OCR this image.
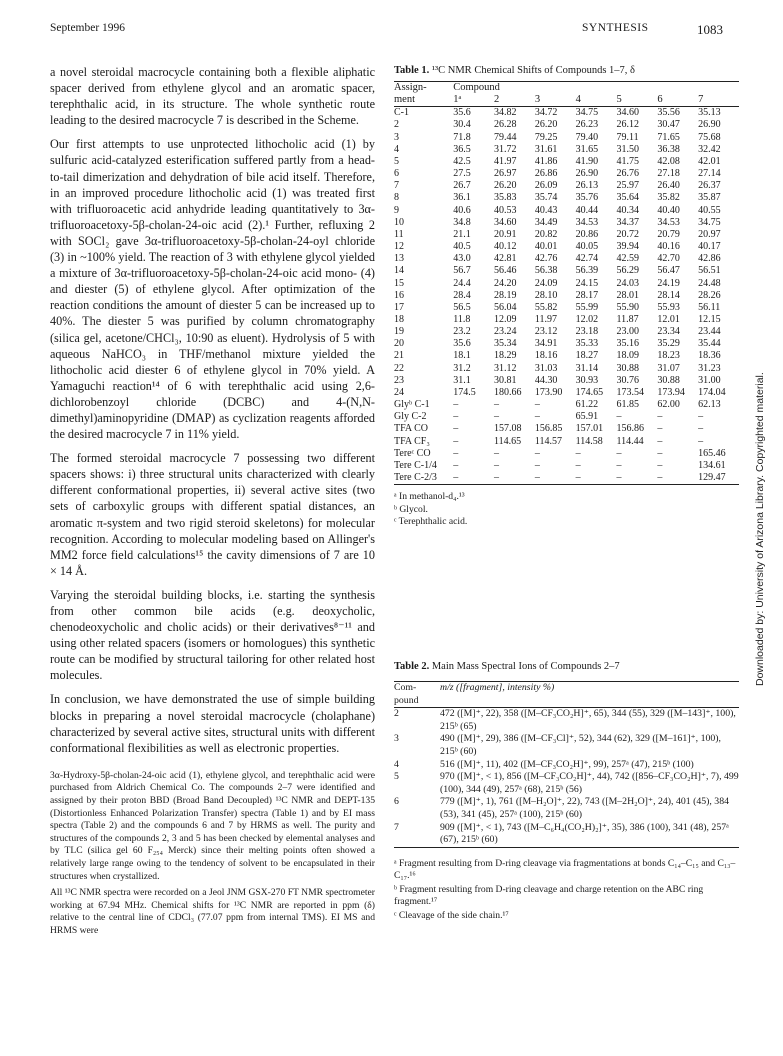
September 1996	SYNTHESIS	1083

a novel steroidal macrocycle containing both a flexible aliphatic spacer derived from ethylene glycol and an aromatic spacer, terephthalic acid, in its structure. The whole synthetic route leading to the desired macrocycle 7 is described in the Scheme.

Our first attempts to use unprotected lithocholic acid (1) by sulfuric acid-catalyzed esterification suffered partly from a head-to-tail dimerization and dehydration of bile acid itself. Therefore, in an improved procedure lithocholic acid (1) was treated first with trifluoroacetic acid anhydride leading quantitatively to 3α-trifluoroacetoxy-5β-cholan-24-oic acid (2).¹ Further, refluxing 2 with SOCl₂ gave 3α-trifluoroacetoxy-5β-cholan-24-oyl chloride (3) in ~100% yield. The reaction of 3 with ethylene glycol yielded a mixture of 3α-trifluoroacetoxy-5β-cholan-24-oic acid mono- (4) and diester (5) of ethylene glycol. After optimization of the reaction conditions the amount of diester 5 can be increased up to 40%. The diester 5 was purified by column chromatography (silica gel, acetone/CHCl₃, 10:90 as eluent). Hydrolysis of 5 with aqueous NaHCO₃ in THF/methanol mixture yielded the lithocholic acid diester 6 of ethylene glycol in 70% yield. A Yamaguchi reaction¹⁴ of 6 with terephthalic acid using 2,6-dichlorobenzoyl chloride (DCBC) and 4-(N,N-dimethyl)aminopyridine (DMAP) as cyclization reagents afforded the desired macrocycle 7 in 11% yield.

The formed steroidal macrocycle 7 possessing two different spacers shows: i) three structural units characterized with clearly different conformational properties, ii) several active sites (two sets of carboxylic groups with different spatial distances, an aromatic π-system and two rigid steroid skeletons) for molecular recognition. According to molecular modeling based on Allinger's MM2 force field calculations¹⁵ the cavity dimensions of 7 are 10 × 14 Å.

Varying the steroidal building blocks, i.e. starting the synthesis from other common bile acids (e.g. deoxycholic, chenodeoxycholic and cholic acids) or their derivatives⁸⁻¹¹ and using other related spacers (isomers or homologues) this synthetic route can be modified by structural tailoring for other related host molecules.

In conclusion, we have demonstrated the use of simple building blocks in preparing a novel steroidal macrocycle (cholaphane) characterized by several active sites, structural units with different conformational flexibilities as well as electronic properties.

3α-Hydroxy-5β-cholan-24-oic acid (1), ethylene glycol, and terephthalic acid were purchased from Aldrich Chemical Co. The compounds 2–7 were identified and assigned by their proton BBD (Broad Band Decoupled) ¹³C NMR and DEPT-135 (Distortionless Enhanced Polarization Transfer) spectra (Table 1) and by EI mass spectra (Table 2) and the compounds 6 and 7 by HRMS as well. The purity and structures of the compounds 2, 3 and 5 has been checked by elemental analyses and by TLC (silica gel 60 F₂₅₄ Merck) since their melting points often showed a relatively large range owing to the tendency of solvent to be encapsulated in their structures when crystallized.

All ¹³C NMR spectra were recorded on a Jeol JNM GSX-270 FT NMR spectrometer working at 67.94 MHz. Chemical shifts for ¹³C NMR are reported in ppm (δ) relative to the central line of CDCl₃ (77.07 ppm from internal TMS). EI MS and HRMS were

Table 1. ¹³C NMR Chemical Shifts of Compounds 1–7, δ
Assign-	Compound						
ment	1ᵃ	2	3	4	5	6	7
C-1	35.6	34.82	34.72	34.75	34.60	35.56	35.13
2	30.4	26.28	26.20	26.23	26.12	30.47	26.90
3	71.8	79.44	79.25	79.40	79.11	71.65	75.68
4	36.5	31.72	31.61	31.65	31.50	36.38	32.42
5	42.5	41.97	41.86	41.90	41.75	42.08	42.01
6	27.5	26.97	26.86	26.90	26.76	27.18	27.14
7	26.7	26.20	26.09	26.13	25.97	26.40	26.37
8	36.1	35.83	35.74	35.76	35.64	35.82	35.87
9	40.6	40.53	40.43	40.44	40.34	40.40	40.55
10	34.8	34.60	34.49	34.53	34.37	34.53	34.75
11	21.1	20.91	20.82	20.86	20.72	20.79	20.97
12	40.5	40.12	40.01	40.05	39.94	40.16	40.17
13	43.0	42.81	42.76	42.74	42.59	42.70	42.86
14	56.7	56.46	56.38	56.39	56.29	56.47	56.51
15	24.4	24.20	24.09	24.15	24.03	24.19	24.48
16	28.4	28.19	28.10	28.17	28.01	28.14	28.26
17	56.5	56.04	55.82	55.99	55.90	55.93	56.11
18	11.8	12.09	11.97	12.02	11.87	12.01	12.15
19	23.2	23.24	23.12	23.18	23.00	23.34	23.44
20	35.6	35.34	34.91	35.33	35.16	35.29	35.44
21	18.1	18.29	18.16	18.27	18.09	18.23	18.36
22	31.2	31.12	31.03	31.14	30.88	31.07	31.23
23	31.1	30.81	44.30	30.93	30.76	30.88	31.00
24	174.5	180.66	173.90	174.65	173.54	173.94	174.04
Glyᵇ C-1	–	–	–	61.22	61.85	62.00	62.13
Gly C-2	–	–	–	65.91	–	–	–
TFA CO	–	157.08	156.85	157.01	156.86	–	–
TFA CF₃	–	114.65	114.57	114.58	114.44	–	–
Tereᶜ CO	–	–	–	–	–	–	165.46
Tere C-1/4	–	–	–	–	–	–	134.61
Tere C-2/3	–	–	–	–	–	–	129.47

ᵃ In methanol-d₄.¹³
ᵇ Glycol.
ᶜ Terephthalic acid.
Table 2. Main Mass Spectral Ions of Compounds 2–7
Com-	m/z ([fragment], intensity %)
pound	
2	472 ([M]⁺, 22), 358 ([M–CF₃CO₂H]⁺, 65), 344 (55), 329 ([M–143]⁺, 100), 215ᵇ (65)
3	490 ([M]⁺, 29), 386 ([M–CF₃Cl]⁺, 52), 344 (62), 329 ([M–161]⁺, 100), 215ᵇ (60)
4	516 ([M]⁺, 11), 402 ([M–CF₃CO₂H]⁺, 99), 257ᵃ (47), 215ᵇ (100)
5	970 ([M]⁺, < 1), 856 ([M–CF₃CO₂H]⁺, 44), 742 ([856–CF₃CO₂H]⁺, 7), 499 (100), 344 (49), 257ᵃ (68), 215ᵇ (56)
6	779 ([M]⁺, 1), 761 ([M–H₂O]⁺, 22), 743 ([M–2H₂O]⁺, 24), 401 (45), 384 (53), 341 (45), 257ᵃ (100), 215ᵇ (60)
7	909 ([M]⁺, < 1), 743 ([M–C₆H₄(CO₂H)₂]⁺, 35), 386 (100), 341 (48), 257ᵃ (67), 215ᵇ (60)

ᵃ Fragment resulting from D-ring cleavage via fragmentations at bonds C₁₄–C₁₅ and C₁₃–C₁₇.¹⁶
ᵇ Fragment resulting from D-ring cleavage and charge retention on the ABC ring fragment.¹⁷
ᶜ Cleavage of the side chain.¹⁷
Downloaded by: University of Arizona Library. Copyrighted material.
